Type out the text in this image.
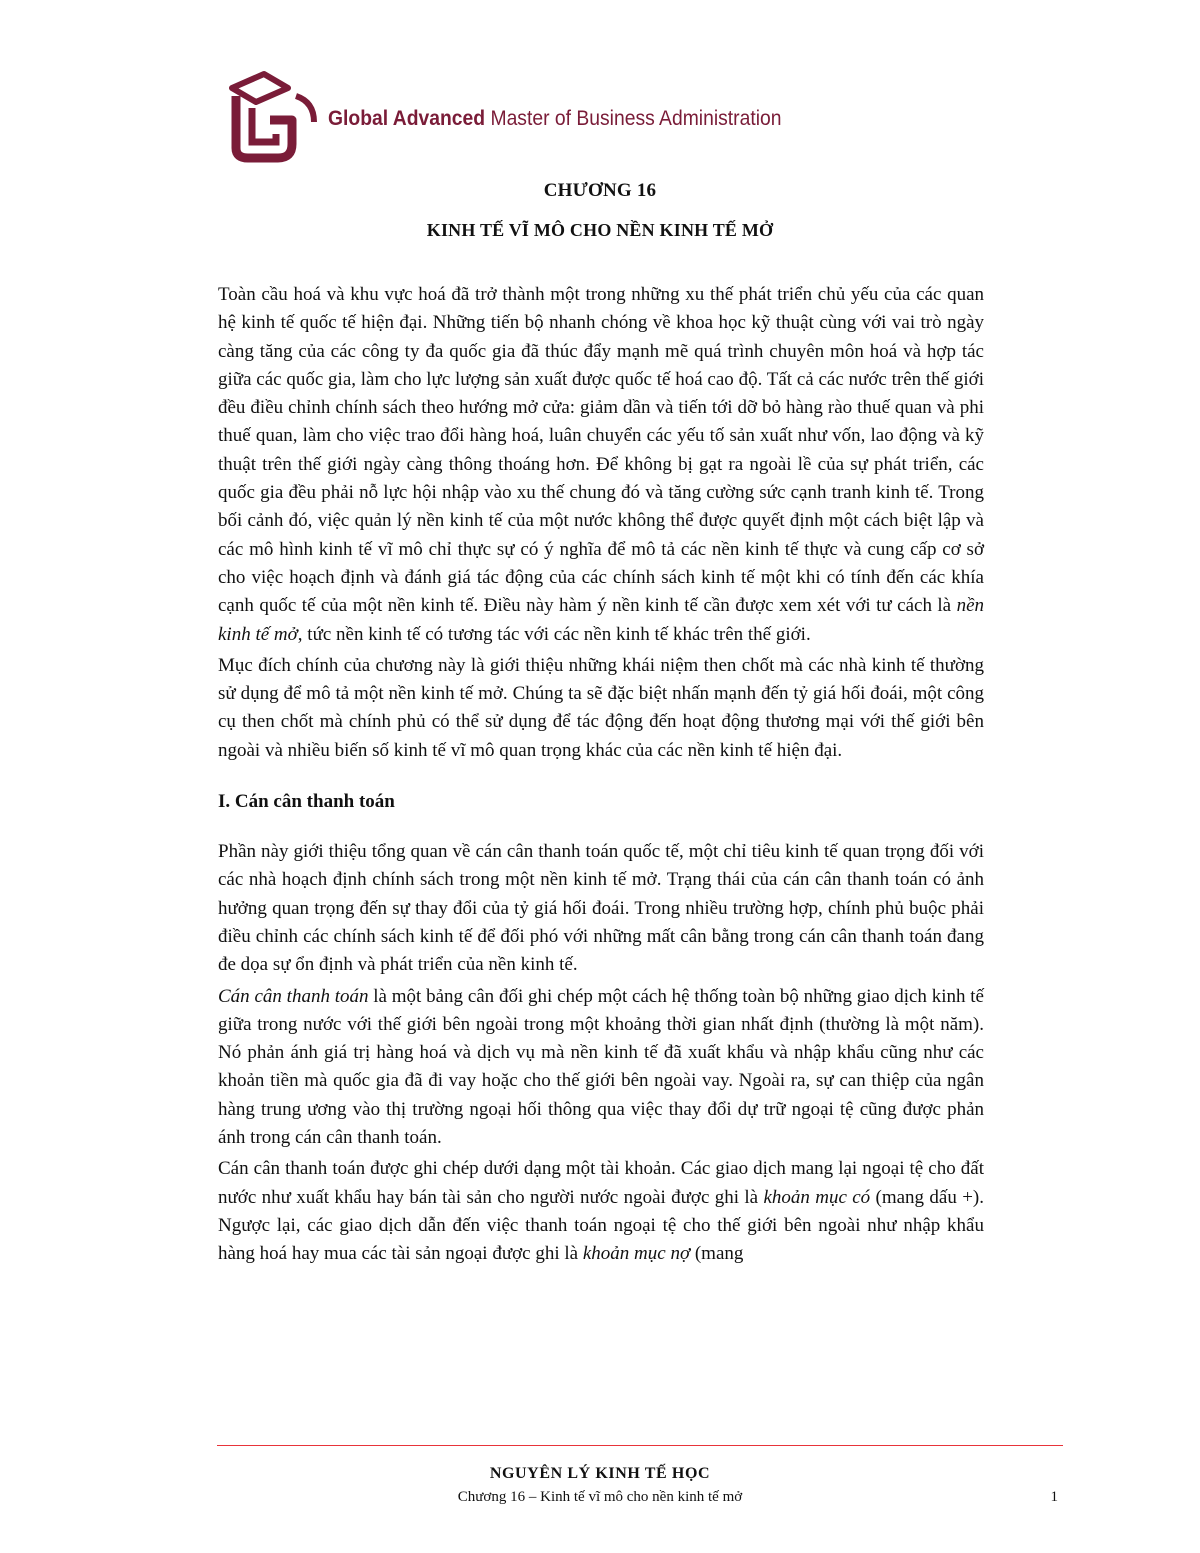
Global Advanced Master of Business Administration
CHƯƠNG 16
KINH TẾ VĨ MÔ CHO NỀN KINH TẾ MỞ

Toàn cầu hoá và khu vực hoá đã trở thành một trong những xu thế phát triển chủ yếu của các quan hệ kinh tế quốc tế hiện đại. Những tiến bộ nhanh chóng về khoa học kỹ thuật cùng với vai trò ngày càng tăng của các công ty đa quốc gia đã thúc đẩy mạnh mẽ quá trình chuyên môn hoá và hợp tác giữa các quốc gia, làm cho lực lượng sản xuất được quốc tế hoá cao độ. Tất cả các nước trên thế giới đều điều chỉnh chính sách theo hướng mở cửa: giảm dần và tiến tới dỡ bỏ hàng rào thuế quan và phi thuế quan, làm cho việc trao đổi hàng hoá, luân chuyển các yếu tố sản xuất như vốn, lao động và kỹ thuật trên thế giới ngày càng thông thoáng hơn. Để không bị gạt ra ngoài lề của sự phát triển, các quốc gia đều phải nỗ lực hội nhập vào xu thế chung đó và tăng cường sức cạnh tranh kinh tế. Trong bối cảnh đó, việc quản lý nền kinh tế của một nước không thể được quyết định một cách biệt lập và các mô hình kinh tế vĩ mô chỉ thực sự có ý nghĩa để mô tả các nền kinh tế thực và cung cấp cơ sở cho việc hoạch định và đánh giá tác động của các chính sách kinh tế một khi có tính đến các khía cạnh quốc tế của một nền kinh tế. Điều này hàm ý nền kinh tế cần được xem xét với tư cách là nền kinh tế mở, tức nền kinh tế có tương tác với các nền kinh tế khác trên thế giới.

Mục đích chính của chương này là giới thiệu những khái niệm then chốt mà các nhà kinh tế thường sử dụng để mô tả một nền kinh tế mở. Chúng ta sẽ đặc biệt nhấn mạnh đến tỷ giá hối đoái, một công cụ then chốt mà chính phủ có thể sử dụng để tác động đến hoạt động thương mại với thế giới bên ngoài và nhiều biến số kinh tế vĩ mô quan trọng khác của các nền kinh tế hiện đại.

I. Cán cân thanh toán

Phần này giới thiệu tổng quan về cán cân thanh toán quốc tế, một chỉ tiêu kinh tế quan trọng đối với các nhà hoạch định chính sách trong một nền kinh tế mở. Trạng thái của cán cân thanh toán có ảnh hưởng quan trọng đến sự thay đổi của tỷ giá hối đoái. Trong nhiều trường hợp, chính phủ buộc phải điều chỉnh các chính sách kinh tế để đối phó với những mất cân bằng trong cán cân thanh toán đang đe dọa sự ổn định và phát triển của nền kinh tế.

Cán cân thanh toán là một bảng cân đối ghi chép một cách hệ thống toàn bộ những giao dịch kinh tế giữa trong nước với thế giới bên ngoài trong một khoảng thời gian nhất định (thường là một năm). Nó phản ánh giá trị hàng hoá và dịch vụ mà nền kinh tế đã xuất khẩu và nhập khẩu cũng như các khoản tiền mà quốc gia đã đi vay hoặc cho thế giới bên ngoài vay. Ngoài ra, sự can thiệp của ngân hàng trung ương vào thị trường ngoại hối thông qua việc thay đổi dự trữ ngoại tệ cũng được phản ánh trong cán cân thanh toán.

Cán cân thanh toán được ghi chép dưới dạng một tài khoản. Các giao dịch mang lại ngoại tệ cho đất nước như xuất khẩu hay bán tài sản cho người nước ngoài được ghi là khoản mục có (mang dấu +). Ngược lại, các giao dịch dẫn đến việc thanh toán ngoại tệ cho thế giới bên ngoài như nhập khẩu hàng hoá hay mua các tài sản ngoại được ghi là khoản mục nợ (mang

NGUYÊN LÝ KINH TẾ HỌC
Chương 16 – Kinh tế vĩ mô cho nền kinh tế mở	1
